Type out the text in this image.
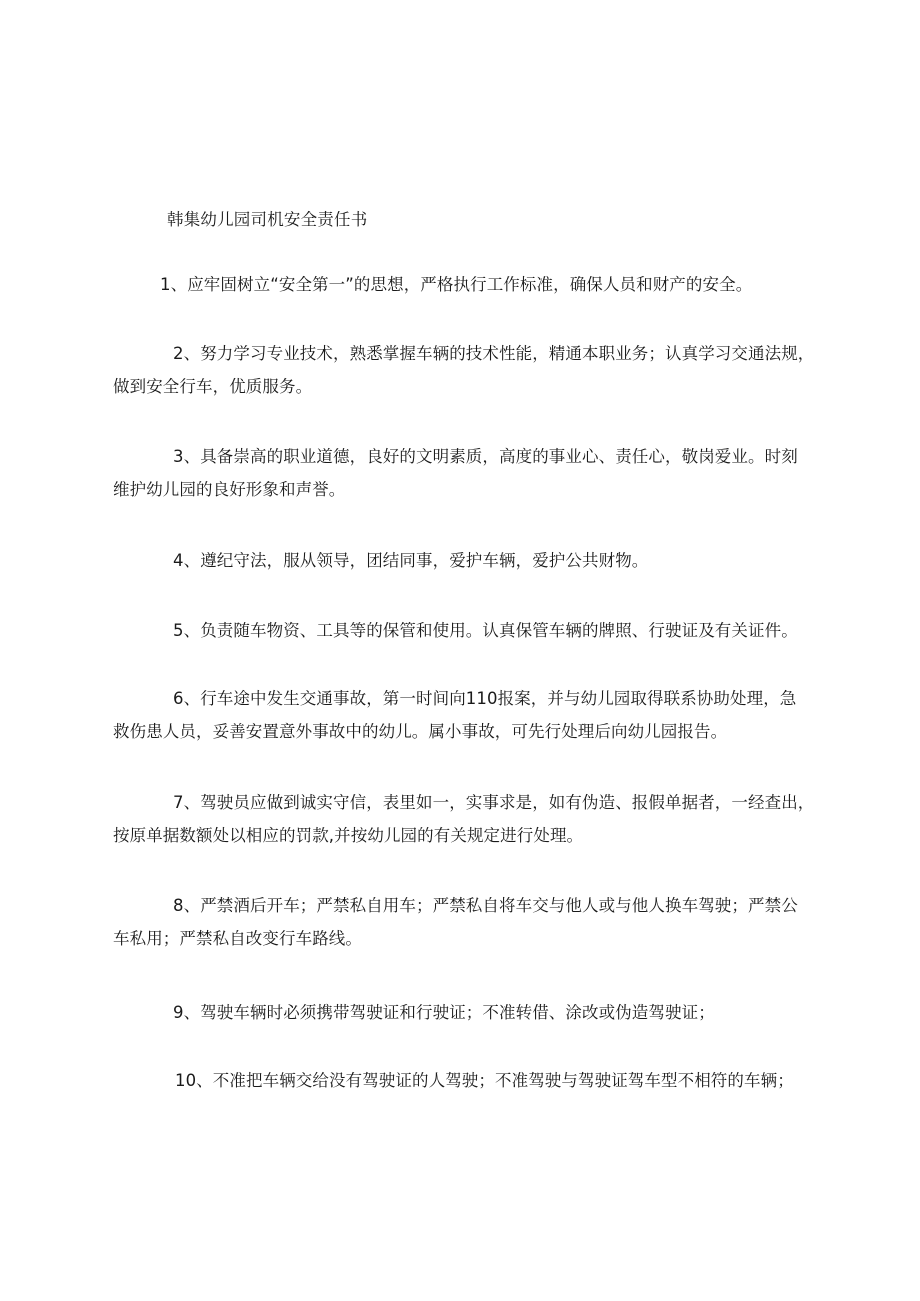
韩集幼儿园司机安全责任书
1、应牢固树立“安全第一”的思想，严格执行工作标准，确保人员和财产的安全。
2、努力学习专业技术，熟悉掌握车辆的技术性能，精通本职业务；认真学习交通法规，
做到安全行车，优质服务。
3、具备崇高的职业道德，良好的文明素质，高度的事业心、责任心，敬岗爱业。时刻
维护幼儿园的良好形象和声誉。
4、遵纪守法，服从领导，团结同事，爱护车辆，爱护公共财物。
5、负责随车物资、工具等的保管和使用。认真保管车辆的牌照、行驶证及有关证件。
6、行车途中发生交通事故，第一时间向110报案，并与幼儿园取得联系协助处理，急
救伤患人员，妥善安置意外事故中的幼儿。属小事故，可先行处理后向幼儿园报告。
7、驾驶员应做到诚实守信，表里如一，实事求是，如有伪造、报假单据者，一经查出，
按原单据数额处以相应的罚款,并按幼儿园的有关规定进行处理。
8、严禁酒后开车；严禁私自用车；严禁私自将车交与他人或与他人换车驾驶；严禁公
车私用；严禁私自改变行车路线。
9、驾驶车辆时必须携带驾驶证和行驶证；不准转借、涂改或伪造驾驶证；
10、不准把车辆交给没有驾驶证的人驾驶；不准驾驶与驾驶证驾车型不相符的车辆；
